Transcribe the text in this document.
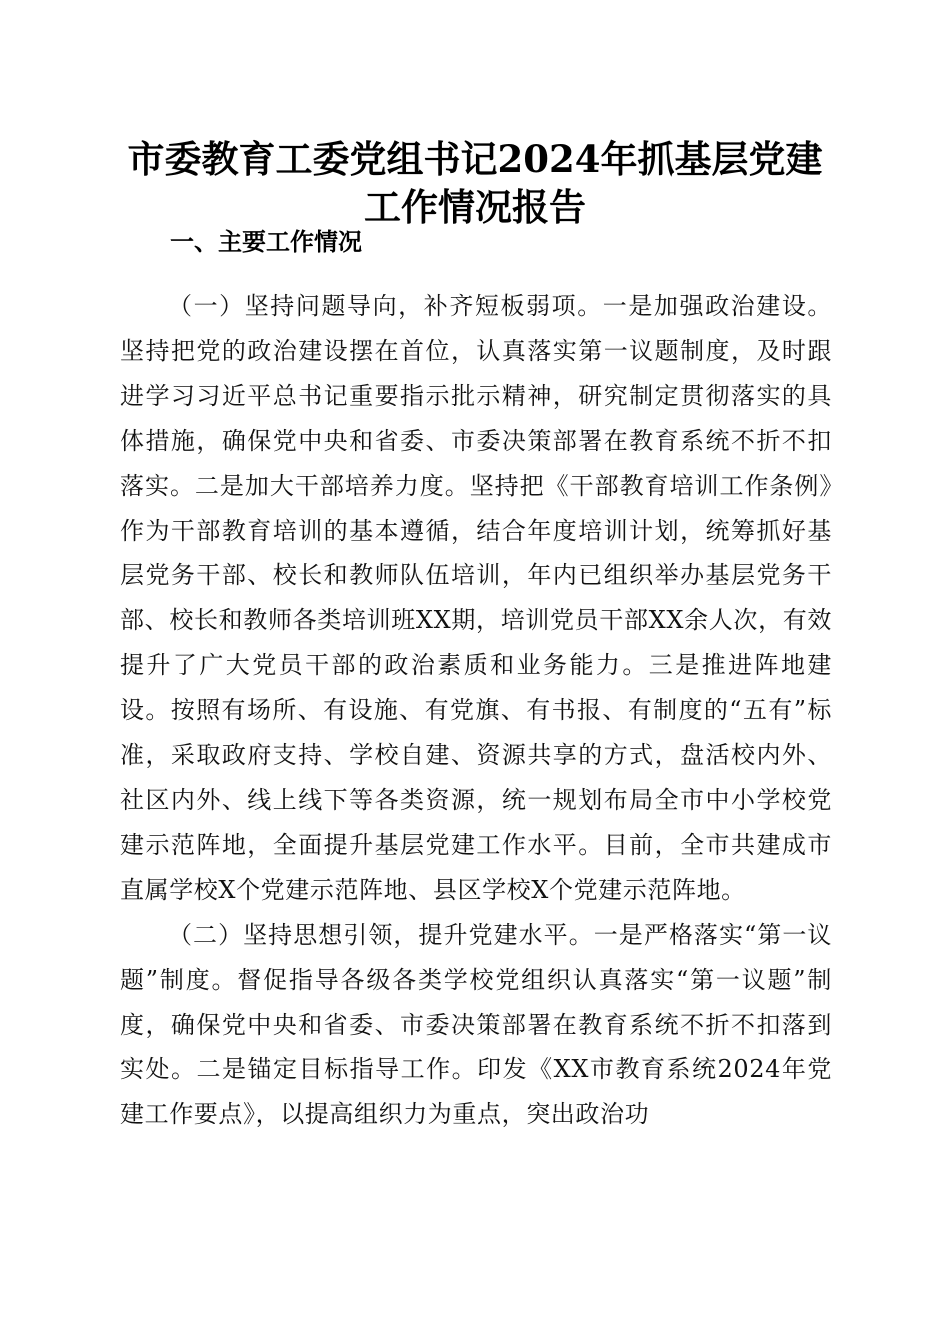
市委教育工委党组书记2024年抓基层党建工作情况报告
一、主要工作情况

（一）坚持问题导向，补齐短板弱项。一是加强政治建设。坚持把党的政治建设摆在首位，认真落实第一议题制度，及时跟进学习习近平总书记重要指示批示精神，研究制定贯彻落实的具体措施，确保党中央和省委、市委决策部署在教育系统不折不扣落实。二是加大干部培养力度。坚持把《干部教育培训工作条例》作为干部教育培训的基本遵循，结合年度培训计划，统筹抓好基层党务干部、校长和教师队伍培训，年内已组织举办基层党务干部、校长和教师各类培训班XX期，培训党员干部XX余人次，有效提升了广大党员干部的政治素质和业务能力。三是推进阵地建设。按照有场所、有设施、有党旗、有书报、有制度的“五有”标准，采取政府支持、学校自建、资源共享的方式，盘活校内外、社区内外、线上线下等各类资源，统一规划布局全市中小学校党建示范阵地，全面提升基层党建工作水平。目前，全市共建成市直属学校X个党建示范阵地、县区学校X个党建示范阵地。

（二）坚持思想引领，提升党建水平。一是严格落实“第一议题”制度。督促指导各级各类学校党组织认真落实“第一议题”制度，确保党中央和省委、市委决策部署在教育系统不折不扣落到实处。二是锚定目标指导工作。印发《XX市教育系统2024年党建工作要点》，以提高组织力为重点，突出政治功
